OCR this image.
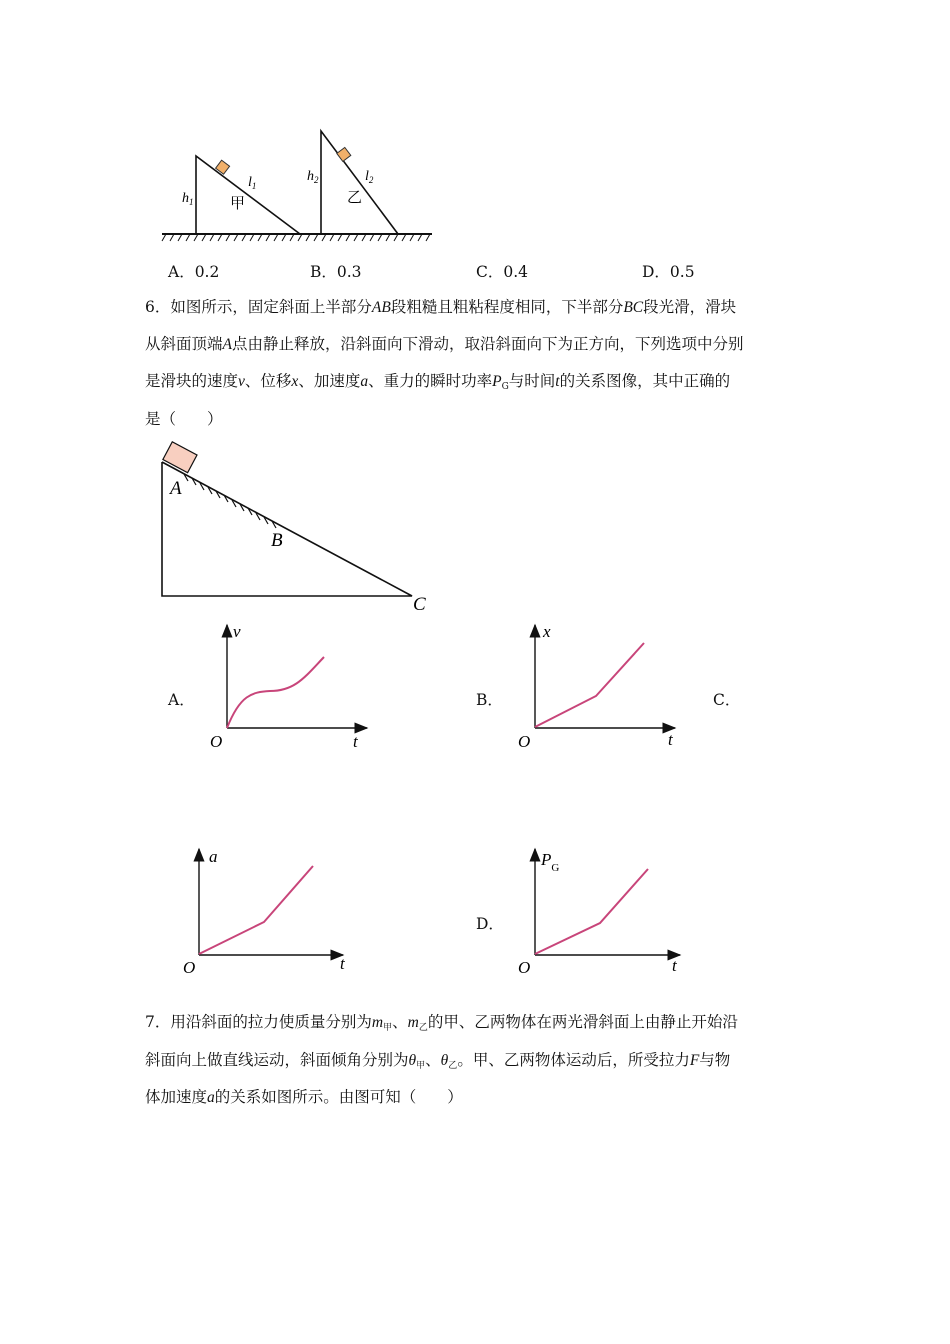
$h_1$
$l_1$
甲
$h_2$	$l_2$
乙
A．0.2	B．0.3	C．0.4	D．0.5
6．如图所示，固定斜面上半部分AB段粗糙且粗粘程度相同，下半部分BC段光滑，滑块
从斜面顶端A点由静止释放，沿斜面向下滑动，取沿斜面向下为正方向，下列选项中分别
是滑块的速度v、位移x、加速度a、重力的瞬时功率$P_G$与时间t的关系图像，其中正确的
是（　　）
A
B
C
A．
v
t
O
B．
x
t
O
C．
a
t
O
D．
$P_G$
t
O
7．用沿斜面的拉力使质量分别为$m_甲$、$m_乙$的甲、乙两物体在两光滑斜面上由静止开始沿
斜面向上做直线运动，斜面倾角分别为$\theta_甲$、$\theta_乙$。甲、乙两物体运动后，所受拉力F与物
体加速度a的关系如图所示。由图可知（　　）
